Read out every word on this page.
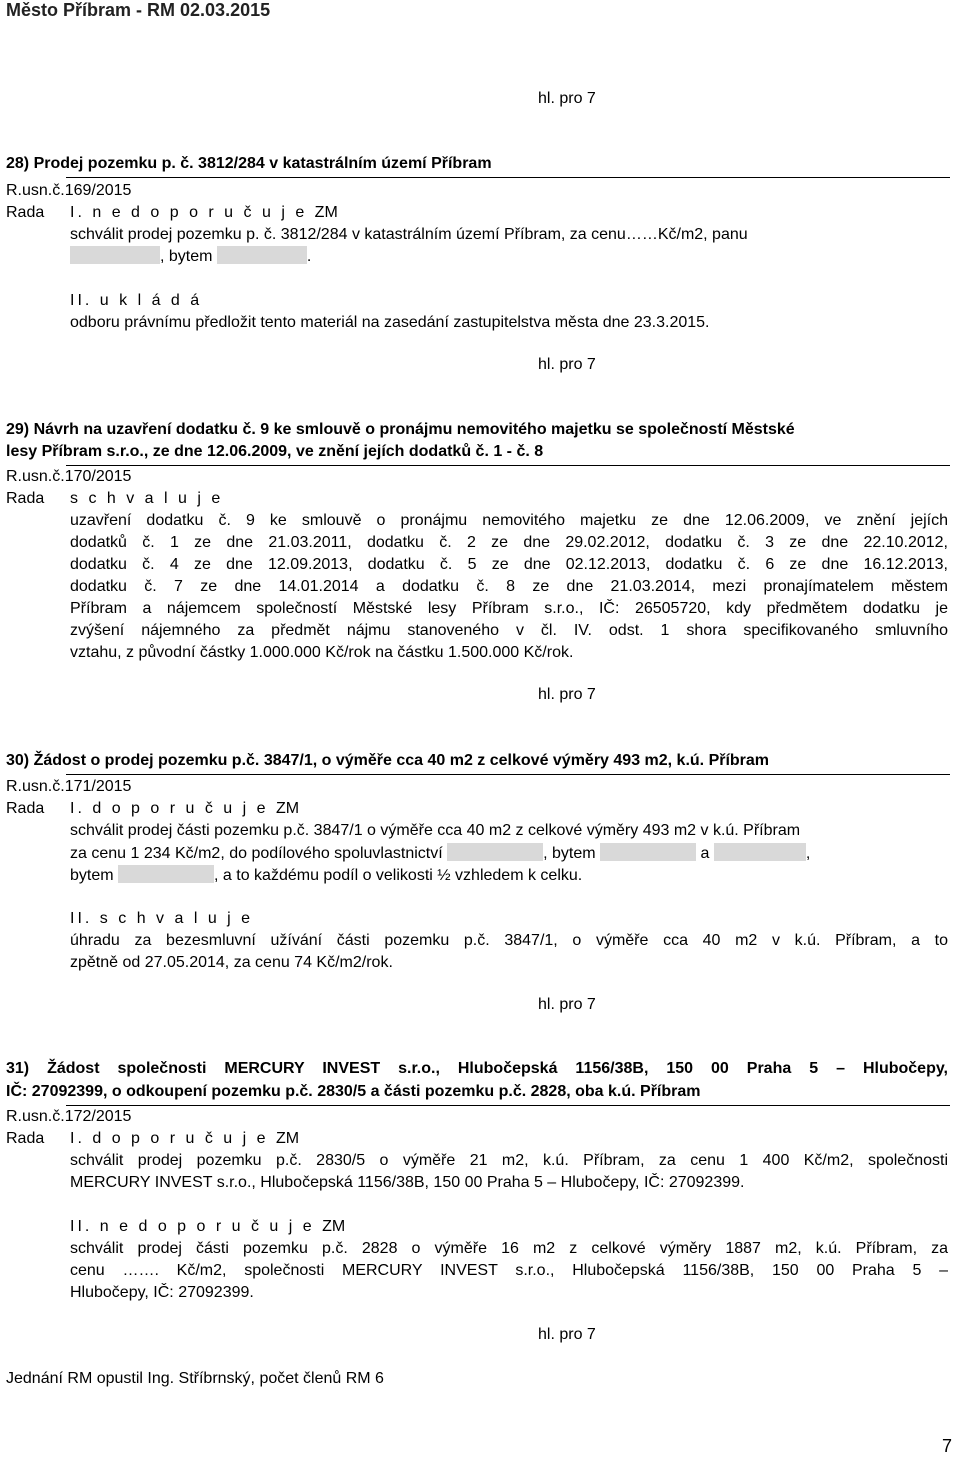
Město Příbram - RM 02.03.2015
hl. pro 7
28) Prodej pozemku p. č. 3812/284 v katastrálním území Příbram
R.usn.č.169/2015
Rada I. n e d o p o r u č u j e ZM
schválit prodej pozemku p. č. 3812/284 v katastrálním území Příbram, za cenu……Kč/m2, panu
, bytem	.
II. u k l á d á
odboru právnímu předložit tento materiál na zasedání zastupitelstva města dne 23.3.2015.
hl. pro 7
29) Návrh na uzavření dodatku č. 9 ke smlouvě o pronájmu nemovitého majetku se společností Městské
lesy Příbram s.r.o., ze dne 12.06.2009, ve znění jejích dodatků č. 1 - č. 8
R.usn.č.170/2015
Rada s c h v a l u j e
uzavření dodatku č. 9 ke smlouvě o pronájmu nemovitého majetku ze dne 12.06.2009, ve znění jejích
dodatků č. 1 ze dne 21.03.2011, dodatku č. 2 ze dne 29.02.2012, dodatku č. 3 ze dne 22.10.2012,
dodatku č. 4 ze dne 12.09.2013, dodatku č. 5 ze dne 02.12.2013, dodatku č. 6 ze dne 16.12.2013,
dodatku č. 7 ze dne 14.01.2014 a dodatku č. 8 ze dne 21.03.2014, mezi pronajímatelem městem
Příbram a nájemcem společností Městské lesy Příbram s.r.o., IČ: 26505720, kdy předmětem dodatku je
zvýšení nájemného za předmět nájmu stanoveného v čl. IV. odst. 1 shora specifikovaného smluvního
vztahu, z původní částky 1.000.000 Kč/rok na částku 1.500.000 Kč/rok.
hl. pro 7
30) Žádost o prodej pozemku p.č. 3847/1, o výměře cca 40 m2 z celkové výměry 493 m2, k.ú. Příbram
R.usn.č.171/2015
Rada I. d o p o r u č u j e ZM
schválit prodej části pozemku p.č. 3847/1 o výměře cca 40 m2 z celkové výměry 493 m2 v k.ú. Příbram
za cenu 1 234 Kč/m2, do podílového spoluvlastnictví	, bytem	a	,
bytem	, a to každému podíl o velikosti ½ vzhledem k celku.
II. s c h v a l u j e
úhradu za bezesmluvní užívání části pozemku p.č. 3847/1, o výměře cca 40 m2 v k.ú. Příbram, a to
zpětně od 27.05.2014, za cenu 74 Kč/m2/rok.
hl. pro 7
31) Žádost společnosti MERCURY INVEST s.r.o., Hlubočepská 1156/38B, 150 00 Praha 5 – Hlubočepy,
IČ: 27092399, o odkoupení pozemku p.č. 2830/5 a části pozemku p.č. 2828, oba k.ú. Příbram
R.usn.č.172/2015
Rada I. d o p o r u č u j e ZM
schválit prodej pozemku p.č. 2830/5 o výměře 21 m2, k.ú. Příbram, za cenu 1 400 Kč/m2, společnosti
MERCURY INVEST s.r.o., Hlubočepská 1156/38B, 150 00 Praha 5 – Hlubočepy, IČ: 27092399.
II. n e d o p o r u č u j e ZM
schválit prodej části pozemku p.č. 2828 o výměře 16 m2 z celkové výměry 1887 m2, k.ú. Příbram, za
cenu ……. Kč/m2, společnosti MERCURY INVEST s.r.o., Hlubočepská 1156/38B, 150 00 Praha 5 –
Hlubočepy, IČ: 27092399.
hl. pro 7
Jednání RM opustil Ing. Stříbrnský, počet členů RM 6
7
